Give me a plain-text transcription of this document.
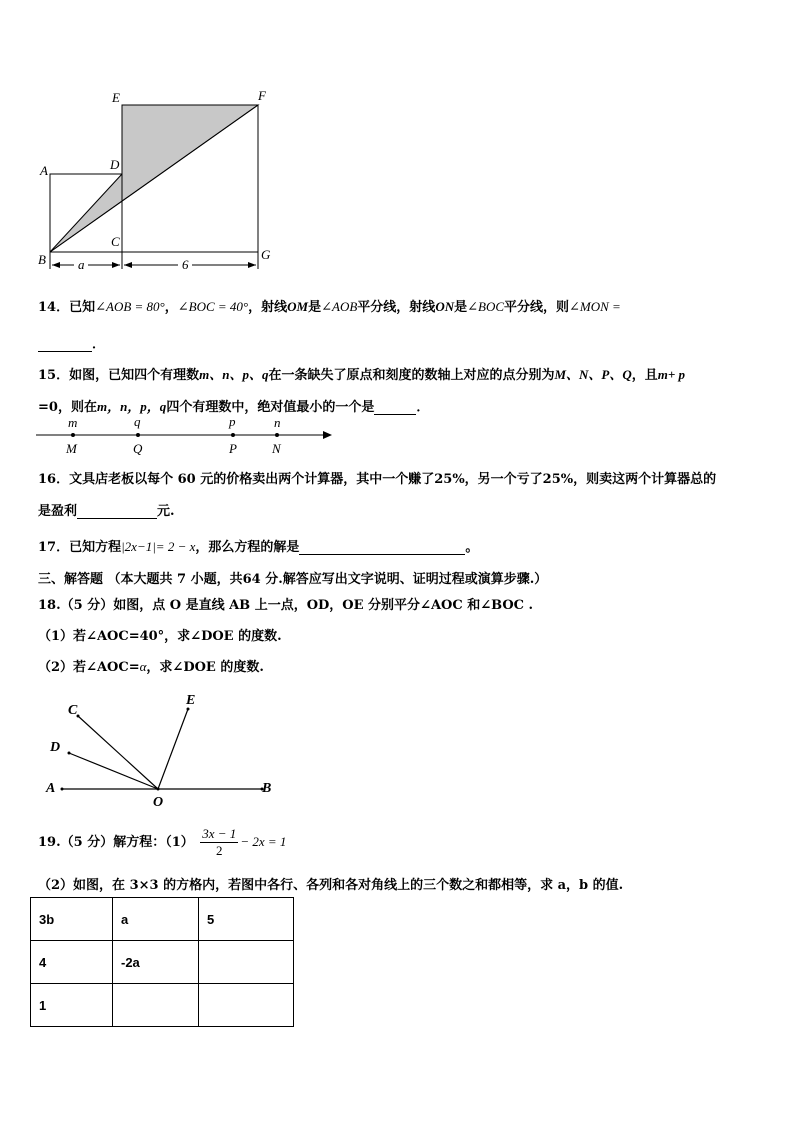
E	F
A	D
C
B	G
a	6
14．已知∠AOB = 80°，∠BOC = 40°，射线OM是∠AOB平分线，射线ON是∠BOC平分线，则∠MON =
．
15．如图，已知四个有理数m、n、p、q在一条缺失了原点和刻度的数轴上对应的点分别为M、N、P、Q，且m+ p
=0，则在m，n，p，q四个有理数中，绝对值最小的一个是	．
m	q	p	n
M	Q	P	N
16．文具店老板以每个 60 元的价格卖出两个计算器，其中一个赚了25%，另一个亏了25%，则卖这两个计算器总的
是盈利	元.
17．已知方程|2x−1|= 2 − x，那么方程的解是	。
三、解答题 （本大题共 7 小题，共64 分.解答应写出文字说明、证明过程或演算步骤.）
18.（5 分）如图，点 O 是直线 AB 上一点，OD，OE 分别平分∠AOC 和∠BOC .
（1）若∠AOC=40°，求∠DOE 的度数.
（2）若∠AOC=α，求∠DOE 的度数.
C
E
D
A
O
B
19.（5 分）解方程：$(1) \frac{3x - 1}{2} - 2x = 1$
（2）如图，在 3×3 的方格内，若图中各行、各列和各对角线上的三个数之和都相等，求 a，b 的值.
3b	a	5
4	-2a	
1		
